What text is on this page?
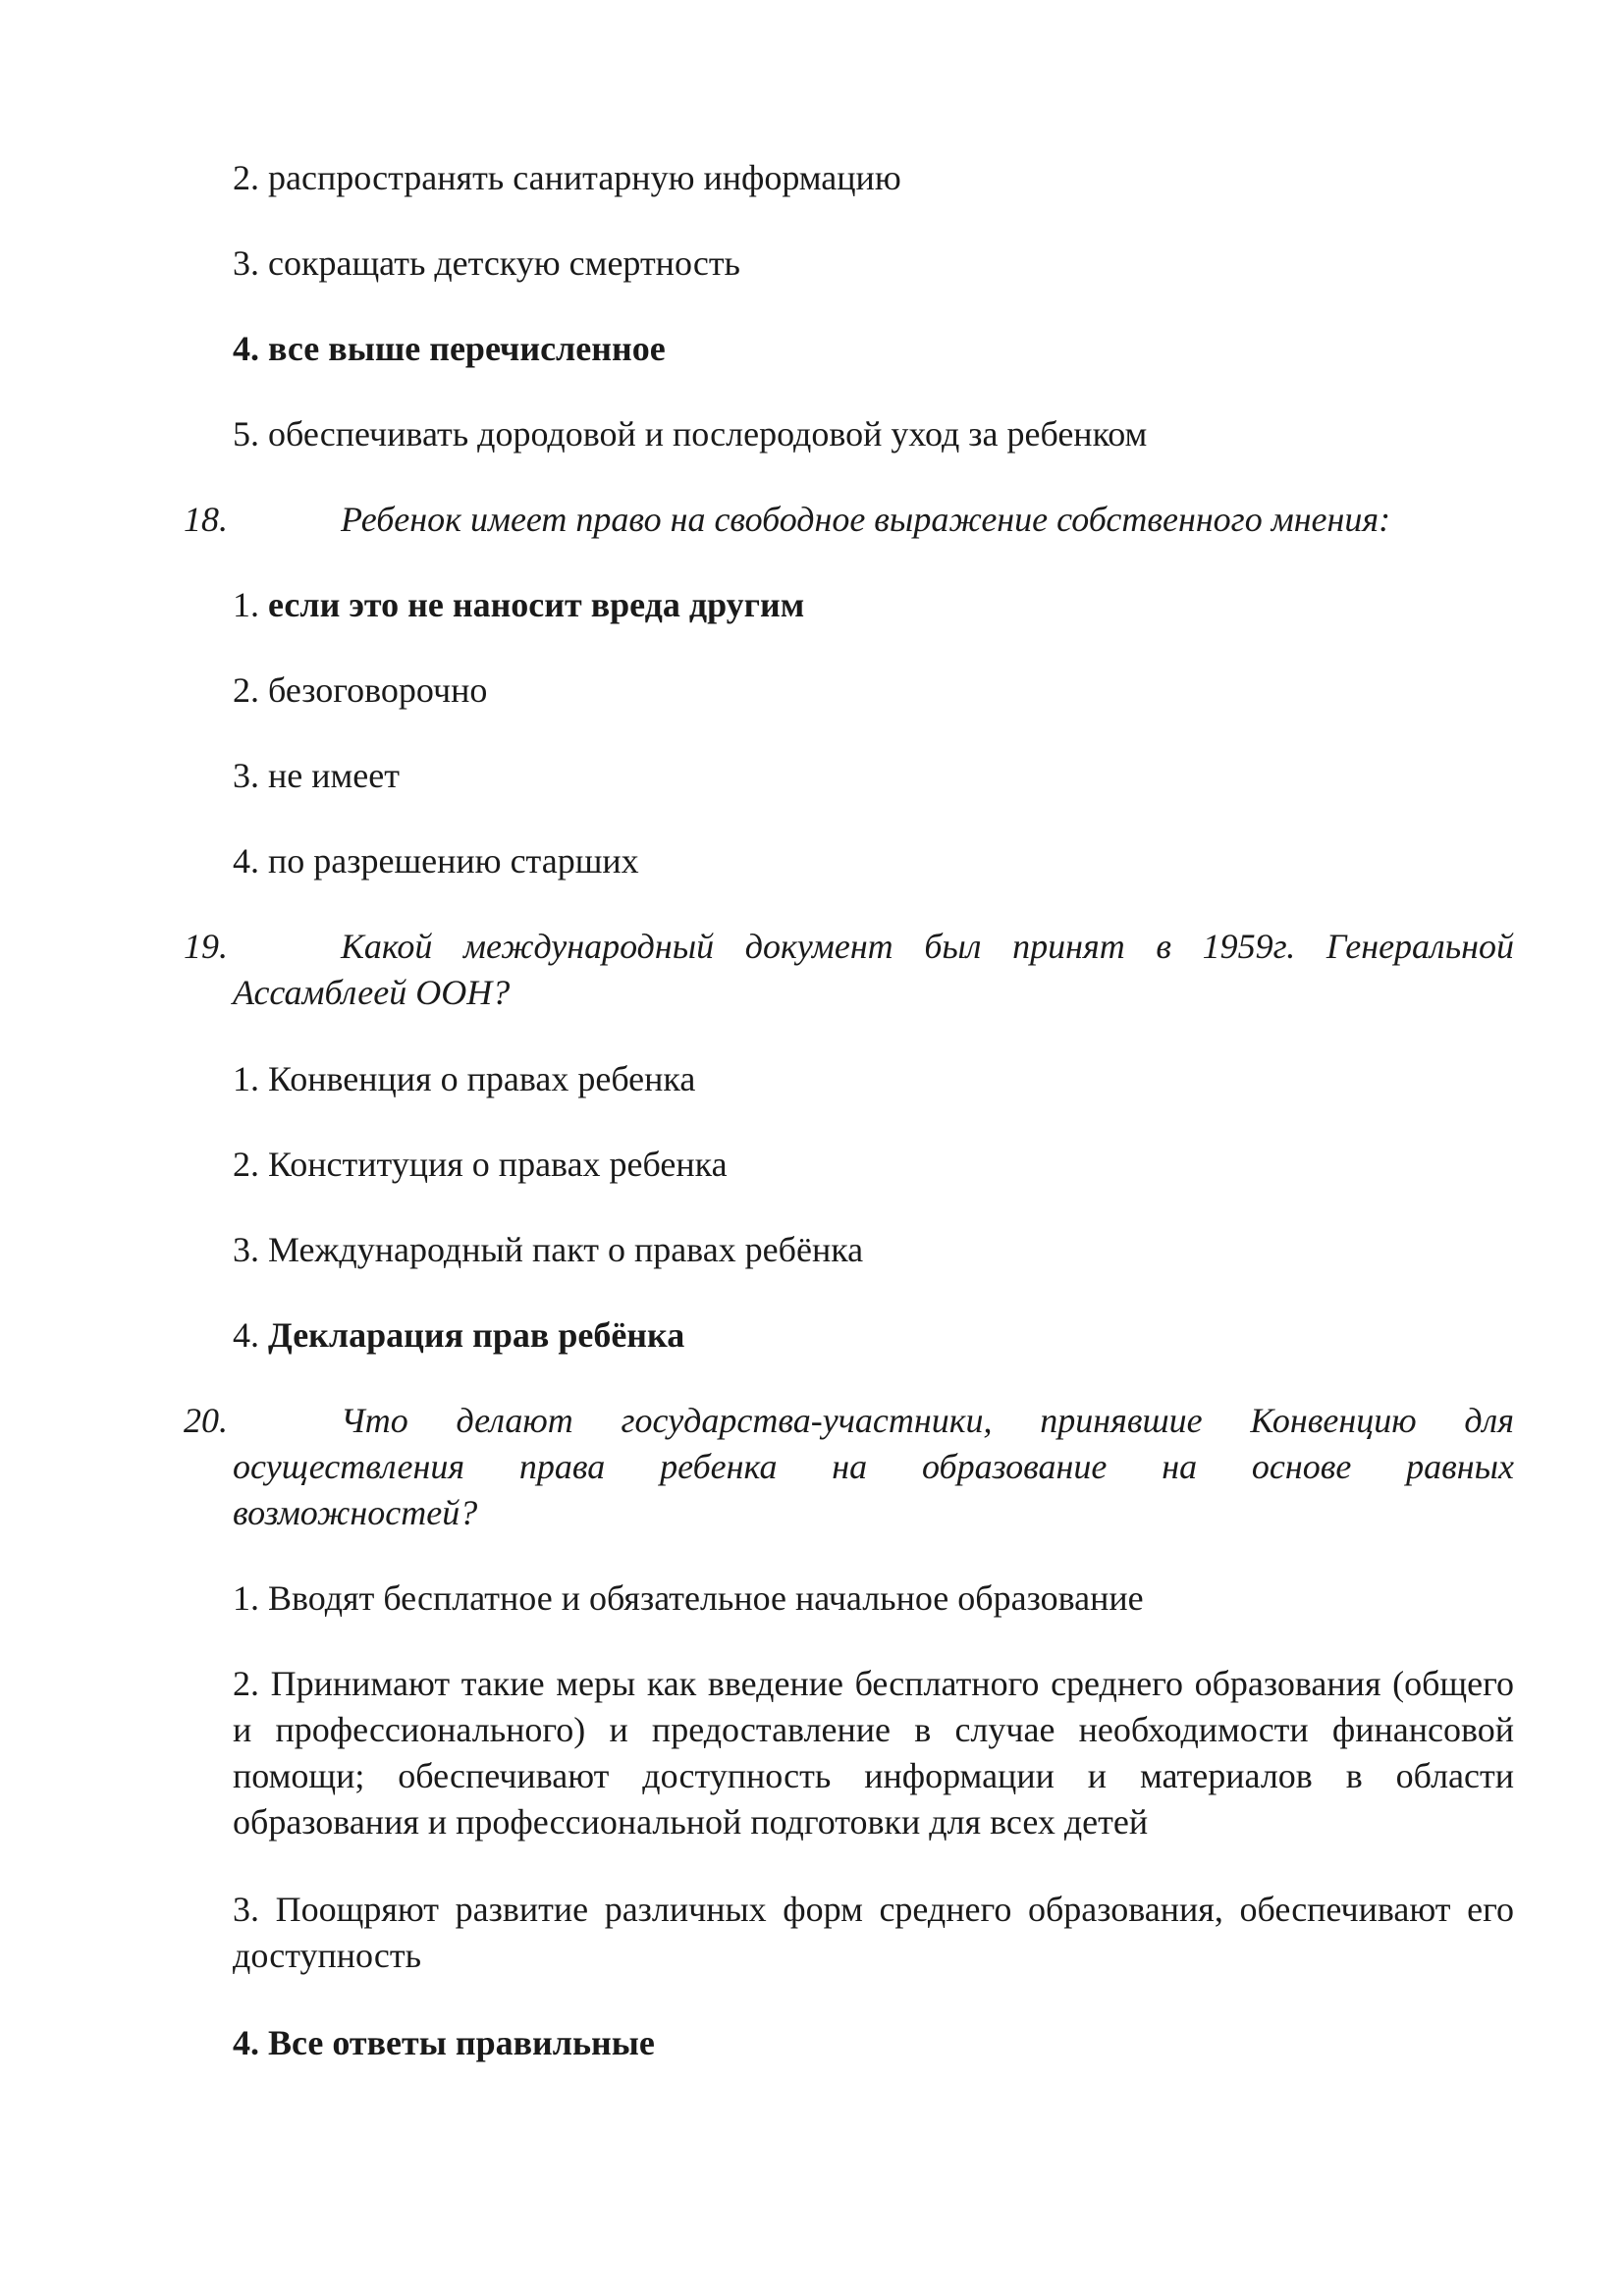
2. распространять санитарную информацию

3. сокращать детскую смертность

4. все выше перечисленное

5. обеспечивать дородовой и послеродовой уход за ребенком

18.	Ребенок имеет право на свободное выражение собственного мнения:

1. если это не наносит вреда другим

2. безоговорочно

3. не имеет

4. по разрешению старших

19.	Какой международный документ был принят в 1959г. Генеральной
Ассамблеей ООН?

1. Конвенция о правах ребенка

2. Конституция о правах ребенка

3. Международный пакт о правах ребёнка

4. Декларация прав ребёнка

20.	Что делают государства-участники, принявшие Конвенцию для
осуществления права ребенка на образование на основе равных
возможностей?

1. Вводят бесплатное и обязательное начальное образование

2. Принимают такие меры как введение бесплатного среднего образования (общего и профессионального) и предоставление в случае необходимости финансовой помощи; обеспечивают доступность информации и материалов в области образования и профессиональной подготовки для всех детей

3. Поощряют развитие различных форм среднего образования, обеспечивают его доступность

4. Все ответы правильные
